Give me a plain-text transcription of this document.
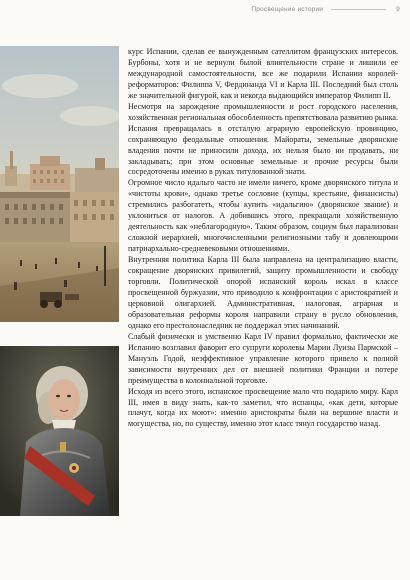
Просвещение истории	9

курс Испании, сделав ее вынужденным сателлитом французских интересов. Бурбоны, хотя и не вернули былой влиятельности стране и лишили ее международной самостоятельности, все же подарили Испании королей-реформаторов: Филиппа V, Фердинанда VI и Карла III. Последний был столь же значительной фигурой, как и некогда выдающийся император Филипп II.

Несмотря на зарождение промышленности и рост городского населения, хозяйственная региональная обособленность препятствовала развитию рынка. Испания превращалась в отсталую аграрную европейскую провинцию, сохраняющую феодальные отношения. Майораты, земельные дворянские владения почти не приносили дохода, их нельзя было ни продавать, ни закладывать; при этом основные земельные и прочие ресурсы были сосредоточены именно в руках титулованной знати.

Огромное число идальго часто не имели ничего, кроме дворянского титула и «чистоты крови», однако третье сословие (купцы, крестьяне, финансисты) стремились разбогатеть, чтобы купить «идальгию» (дворянское звание) и уклониться от налогов. А добившись этого, прекращали хозяйственную деятельность как «неблагородную». Таким образом, социум был парализован сложной иерархией, многочисленными религиозными табу и довлеющими патриархально-средневековыми отношениями.

Внутренняя политика Карла III была направлена на централизацию власти, сокращение дворянских привилегий, защиту промышленности и свободу торговли. Политической опорой испанский король искал в классе просвещенной буржуазии, что приводило к конфронтации с аристократией и церковной олигархией. Административная, налоговая, аграрная и образовательная реформы короля направили страну в русло обновления, однако его престолонаследник не поддержал этих начинаний.

Слабый физически и умственно Карл IV правил формально, фактически же Испанию возглавил фаворит его супруги королевы Марии Луизы Пармской – Мануэль Годой, неэффективное управление которого привело к полной зависимости внутренних дел от внешней политики Франции и потере преимущества в колониальной торговле.

Исходя из всего этого, испанское просвещение мало что подарило миру. Карл III, имея в виду знать, как-то заметил, что испанцы, «как дети, которые плачут, когда их моют»: именно аристократы были на вершине власти и могущества, но, по существу, именно этот класс тянул государство назад.
